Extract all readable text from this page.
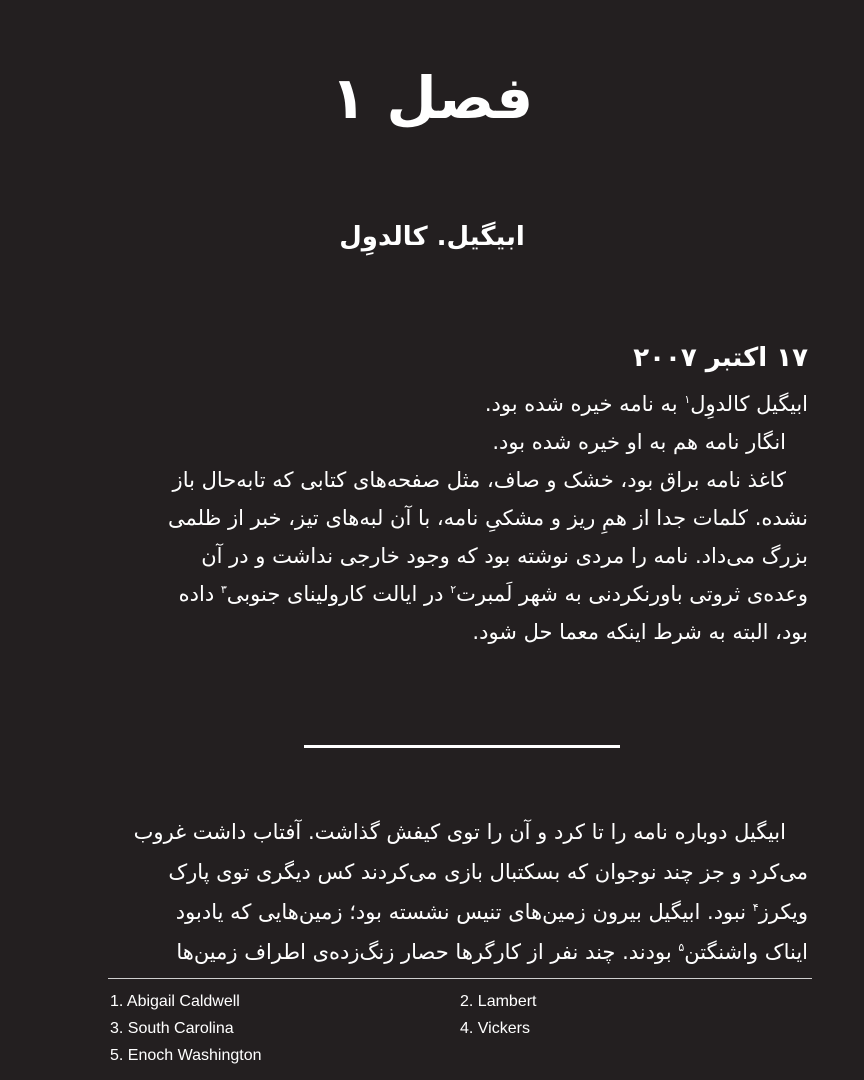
فصل ۱
ابیگیل. کالدوِل
۱۷ اکتبر ۲۰۰۷
ابیگیل کالدوِل$^۱$ به نامه خیره شده بود.
انگار نامه هم به او خیره شده بود.
کاغذ نامه براق بود، خشک و صاف، مثل صفحه‌های کتابی که تابه‌حال باز
نشده. کلمات جدا از همِ ریز و مشکیِ نامه، با آن لبه‌های تیز، خبر از ظلمی
بزرگ می‌داد. نامه را مردی نوشته بود که وجود خارجی نداشت و در آن
وعده‌ی ثروتی باورنکردنی به شهر لَمبرت$^۲$ در ایالت کارولینای جنوبی$^۳$ داده
بود، البته به شرط اینکه معما حل شود.
ابیگیل دوباره نامه را تا کرد و آن را توی کیفش گذاشت. آفتاب داشت غروب
می‌کرد و جز چند نوجوان که بسکتبال بازی می‌کردند کس دیگری توی پارک
ویکرز$^۴$ نبود. ابیگیل بیرون زمین‌های تنیس نشسته بود؛ زمین‌هایی که یادبود
ایناک واشنگتن$^۵$ بودند. چند نفر از کارگرها حصار زنگ‌زده‌ی اطراف زمین‌ها
1. Abigail Caldwell	2. Lambert
3. South Carolina	4. Vickers
5. Enoch Washington
